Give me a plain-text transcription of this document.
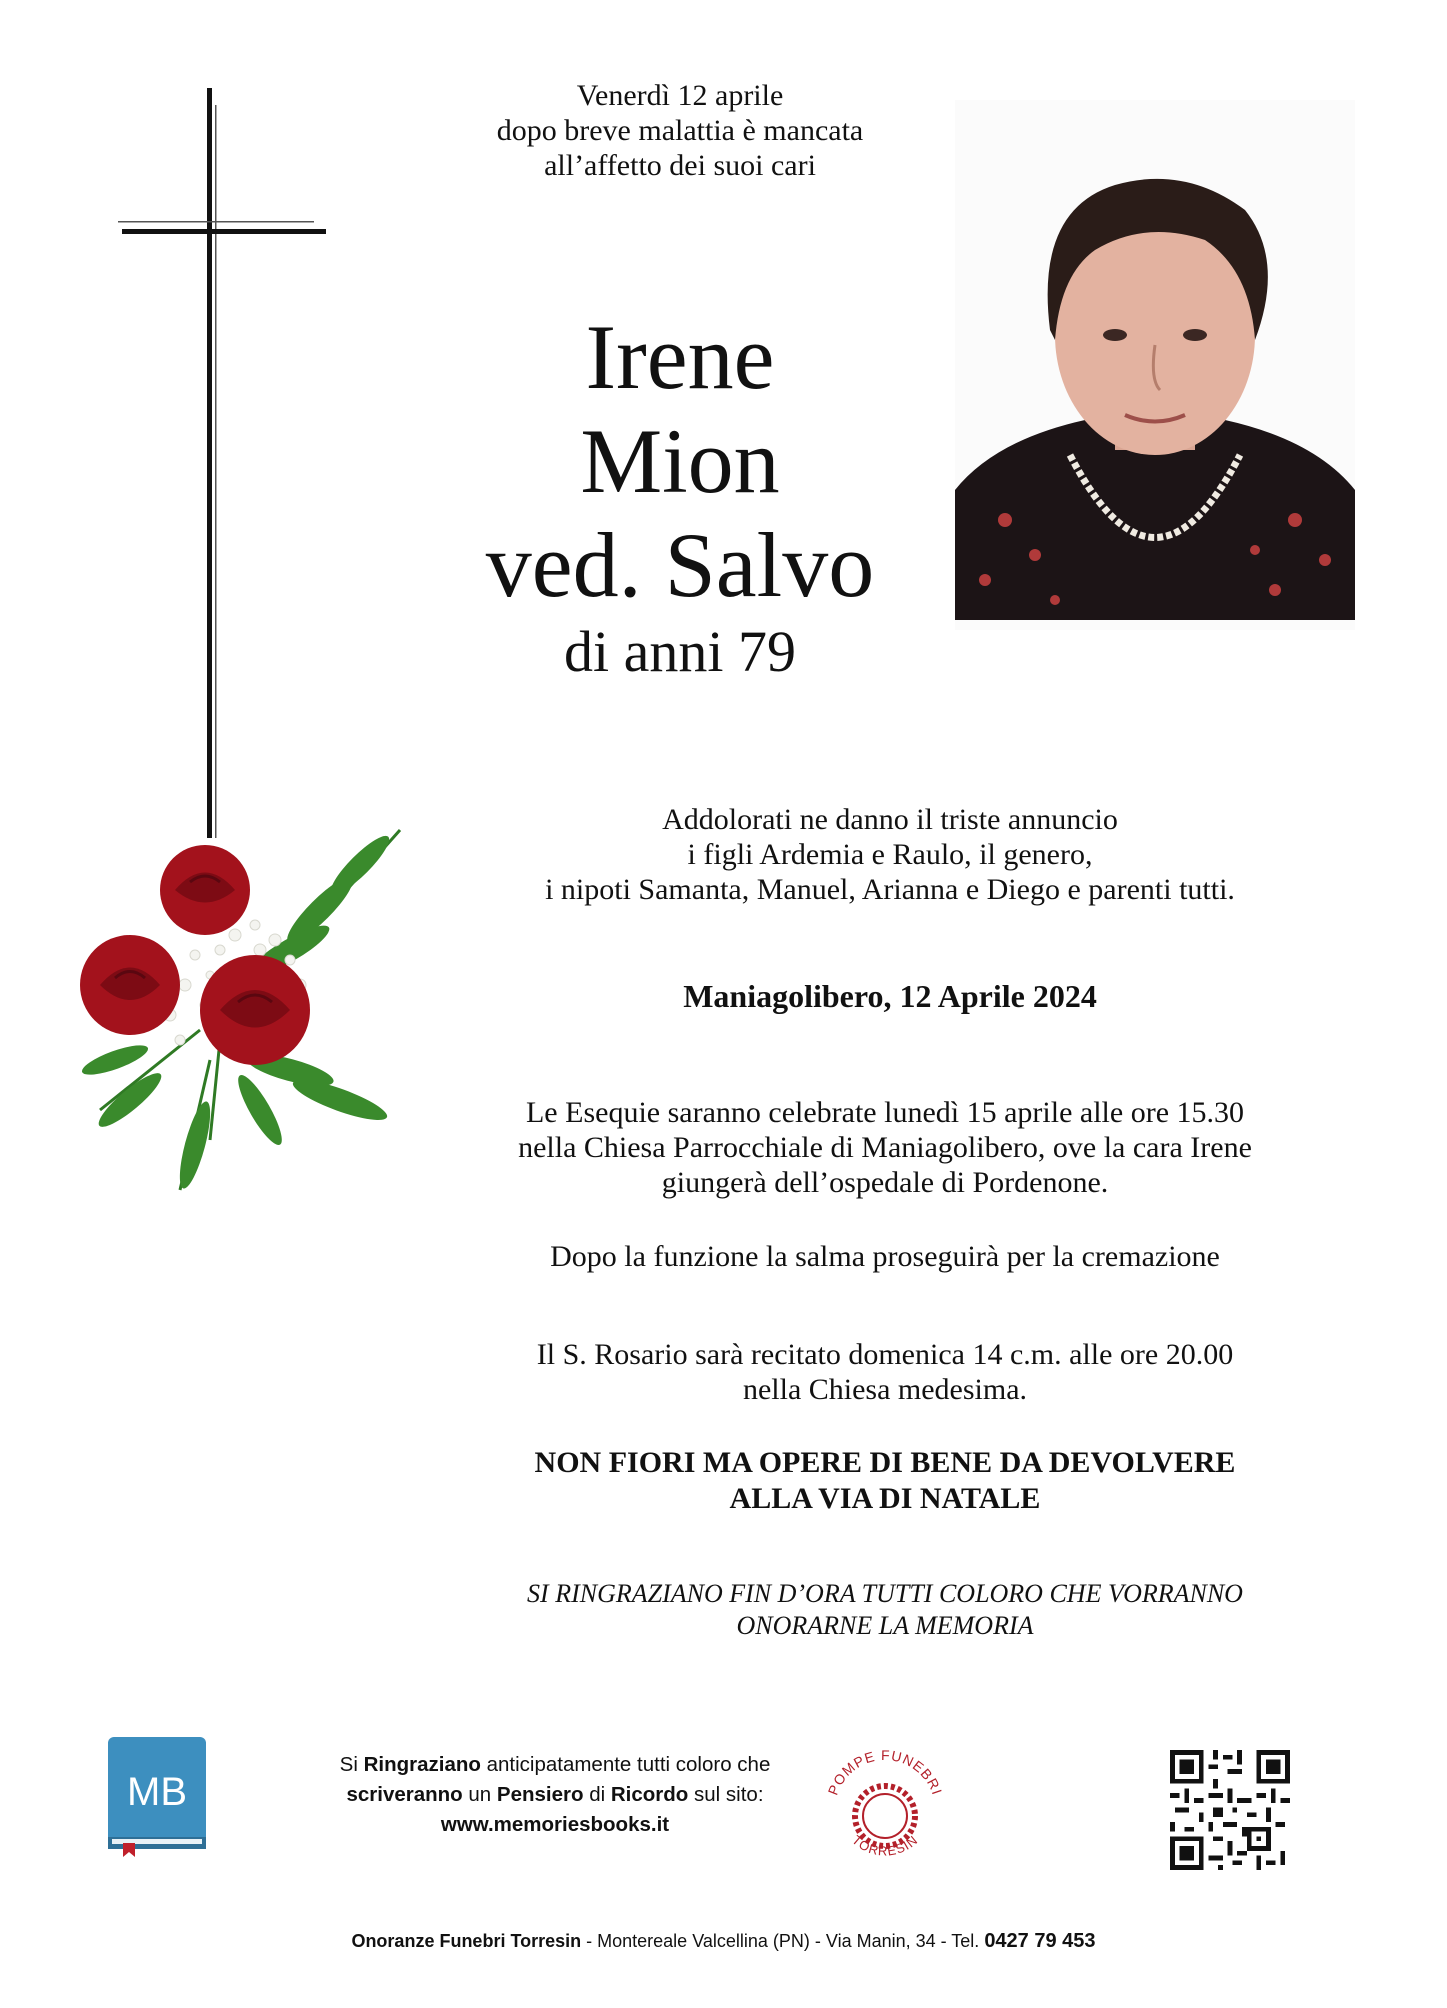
Venerdì 12 aprile
dopo breve malattia è mancata
all’affetto dei suoi cari
Irene
Mion
ved. Salvo
di anni 79
Addolorati ne danno il triste annuncio
i figli Ardemia e Raulo, il genero,
i nipoti Samanta, Manuel, Arianna e Diego e parenti tutti.
Maniagolibero, 12 Aprile 2024
Le Esequie saranno celebrate lunedì 15 aprile alle ore 15.30
nella Chiesa Parrocchiale di Maniagolibero, ove la cara Irene
giungerà dell’ospedale di Pordenone.
Dopo la funzione la salma proseguirà per la cremazione
Il S. Rosario sarà recitato domenica 14 c.m. alle ore 20.00
nella Chiesa medesima.
NON FIORI MA OPERE DI BENE DA DEVOLVERE
ALLA VIA DI NATALE
SI RINGRAZIANO FIN D’ORA TUTTI COLORO CHE VORRANNO
ONORARNE LA MEMORIA
MB
Si Ringraziano anticipatamente tutti coloro che
scriveranno un Pensiero di Ricordo sul sito:
www.memoriesbooks.it
POMPE FUNEBRI
TORRESIN
Onoranze Funebri Torresin - Montereale Valcellina (PN) - Via Manin, 34 - Tel. 0427 79 453
